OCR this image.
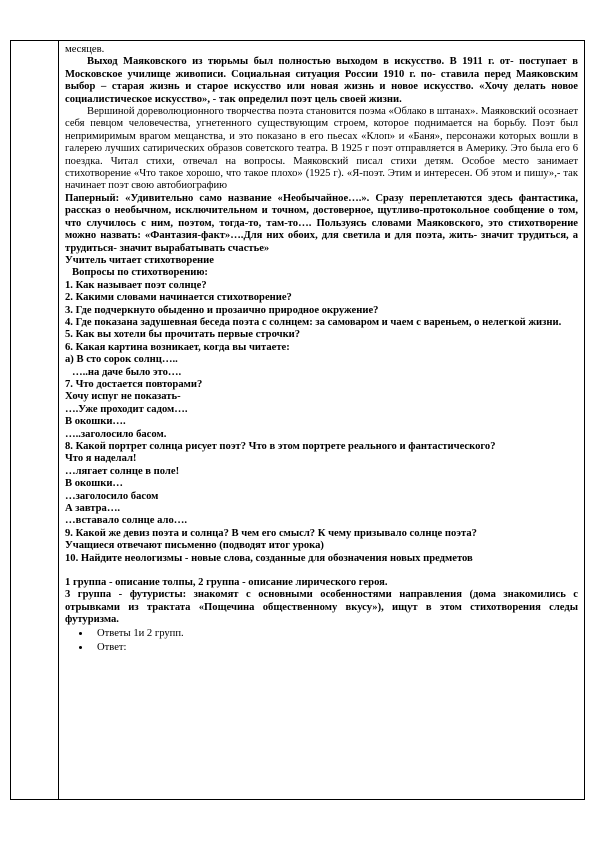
месяцев.

Выход Маяковского из тюрьмы был полностью выходом в искусство. В 1911 г. от- поступает в Московское училище живописи. Социальная ситуация России 1910 г. по- ставила перед Маяковским выбор – старая жизнь и старое искусство или новая жизнь и новое искусство. «Хочу делать новое социалистическое искусство», - так определил поэт цель своей жизни.

Вершиной дореволюционного творчества поэта становится поэма «Облако в штанах». Маяковский осознает себя певцом человечества, угнетенного существующим строем, которое поднимается на борьбу. Поэт был непримиримым врагом мещанства, и это показано в его пьесах «Клоп» и «Баня», персонажи которых вошли в галерею лучших сатирических образов советского театра. В 1925 г поэт отправляется в Америку. Это была его 6 поездка. Читал стихи, отвечал на вопросы. Маяковский писал стихи детям. Особое место занимает стихотворение «Что такое хорошо, что такое плохо» (1925 г). «Я-поэт. Этим и интересен. Об этом и пишу»,- так начинает поэт свою автобиографию

Паперный: «Удивительно само название «Необычайное….». Сразу переплетаются здесь фантастика, рассказ о необычном, исключительном и точном, достоверное, щутливо-протокольное сообщение о том, что случилось с ним, поэтом, тогда-то, там-то…. Пользуясь словами Маяковского, это стихотворение можно назвать: «Фантазия-факт»….Для них обоих, для светила и для поэта, жить- значит трудиться, а трудиться- значит вырабатывать счастье»

Учитель читает стихотворение

Вопросы по стихотворению:

1. Как называет поэт солнце?

2. Какими словами начинается стихотворение?

3. Где подчеркнуто обыденно и прозаично природное окружение?

4. Где показана задушевная беседа поэта с солнцем: за самоваром и чаем с вареньем, о нелегкой жизни.

5. Как вы хотели бы прочитать первые строчки?

6. Какая картина возникает, когда вы читаете:

а) В сто сорок солнц…..

…..на даче было это….

7. Что достается повторами?

Хочу испуг не показать-

….Уже проходит садом….

В окошки….

…..заголосило басом.

8. Какой портрет солнца рисует поэт? Что в этом портрете реального и фантастического?

Что я наделал!

…лягает солнце в поле!

В окошки…

…заголосило басом

А завтра….

…вставало солнце ало….

9. Какой же девиз поэта и солнца? В чем его смысл? К чему призывало солнце поэта?

Учащиеся отвечают письменно (подводят итог урока)

10. Найдите неологизмы - новые слова, созданные для обозначения новых предметов

1 группа - описание толпы, 2 группа - описание лирического героя.

3 группа - футуристы: знакомят с основными особенностями направления (дома знакомились с отрывками из трактата «Пощечина общественному вкусу»), ищут в этом стихотворения следы футуризма.

• Ответы 1и 2 групп.
• Ответ:
